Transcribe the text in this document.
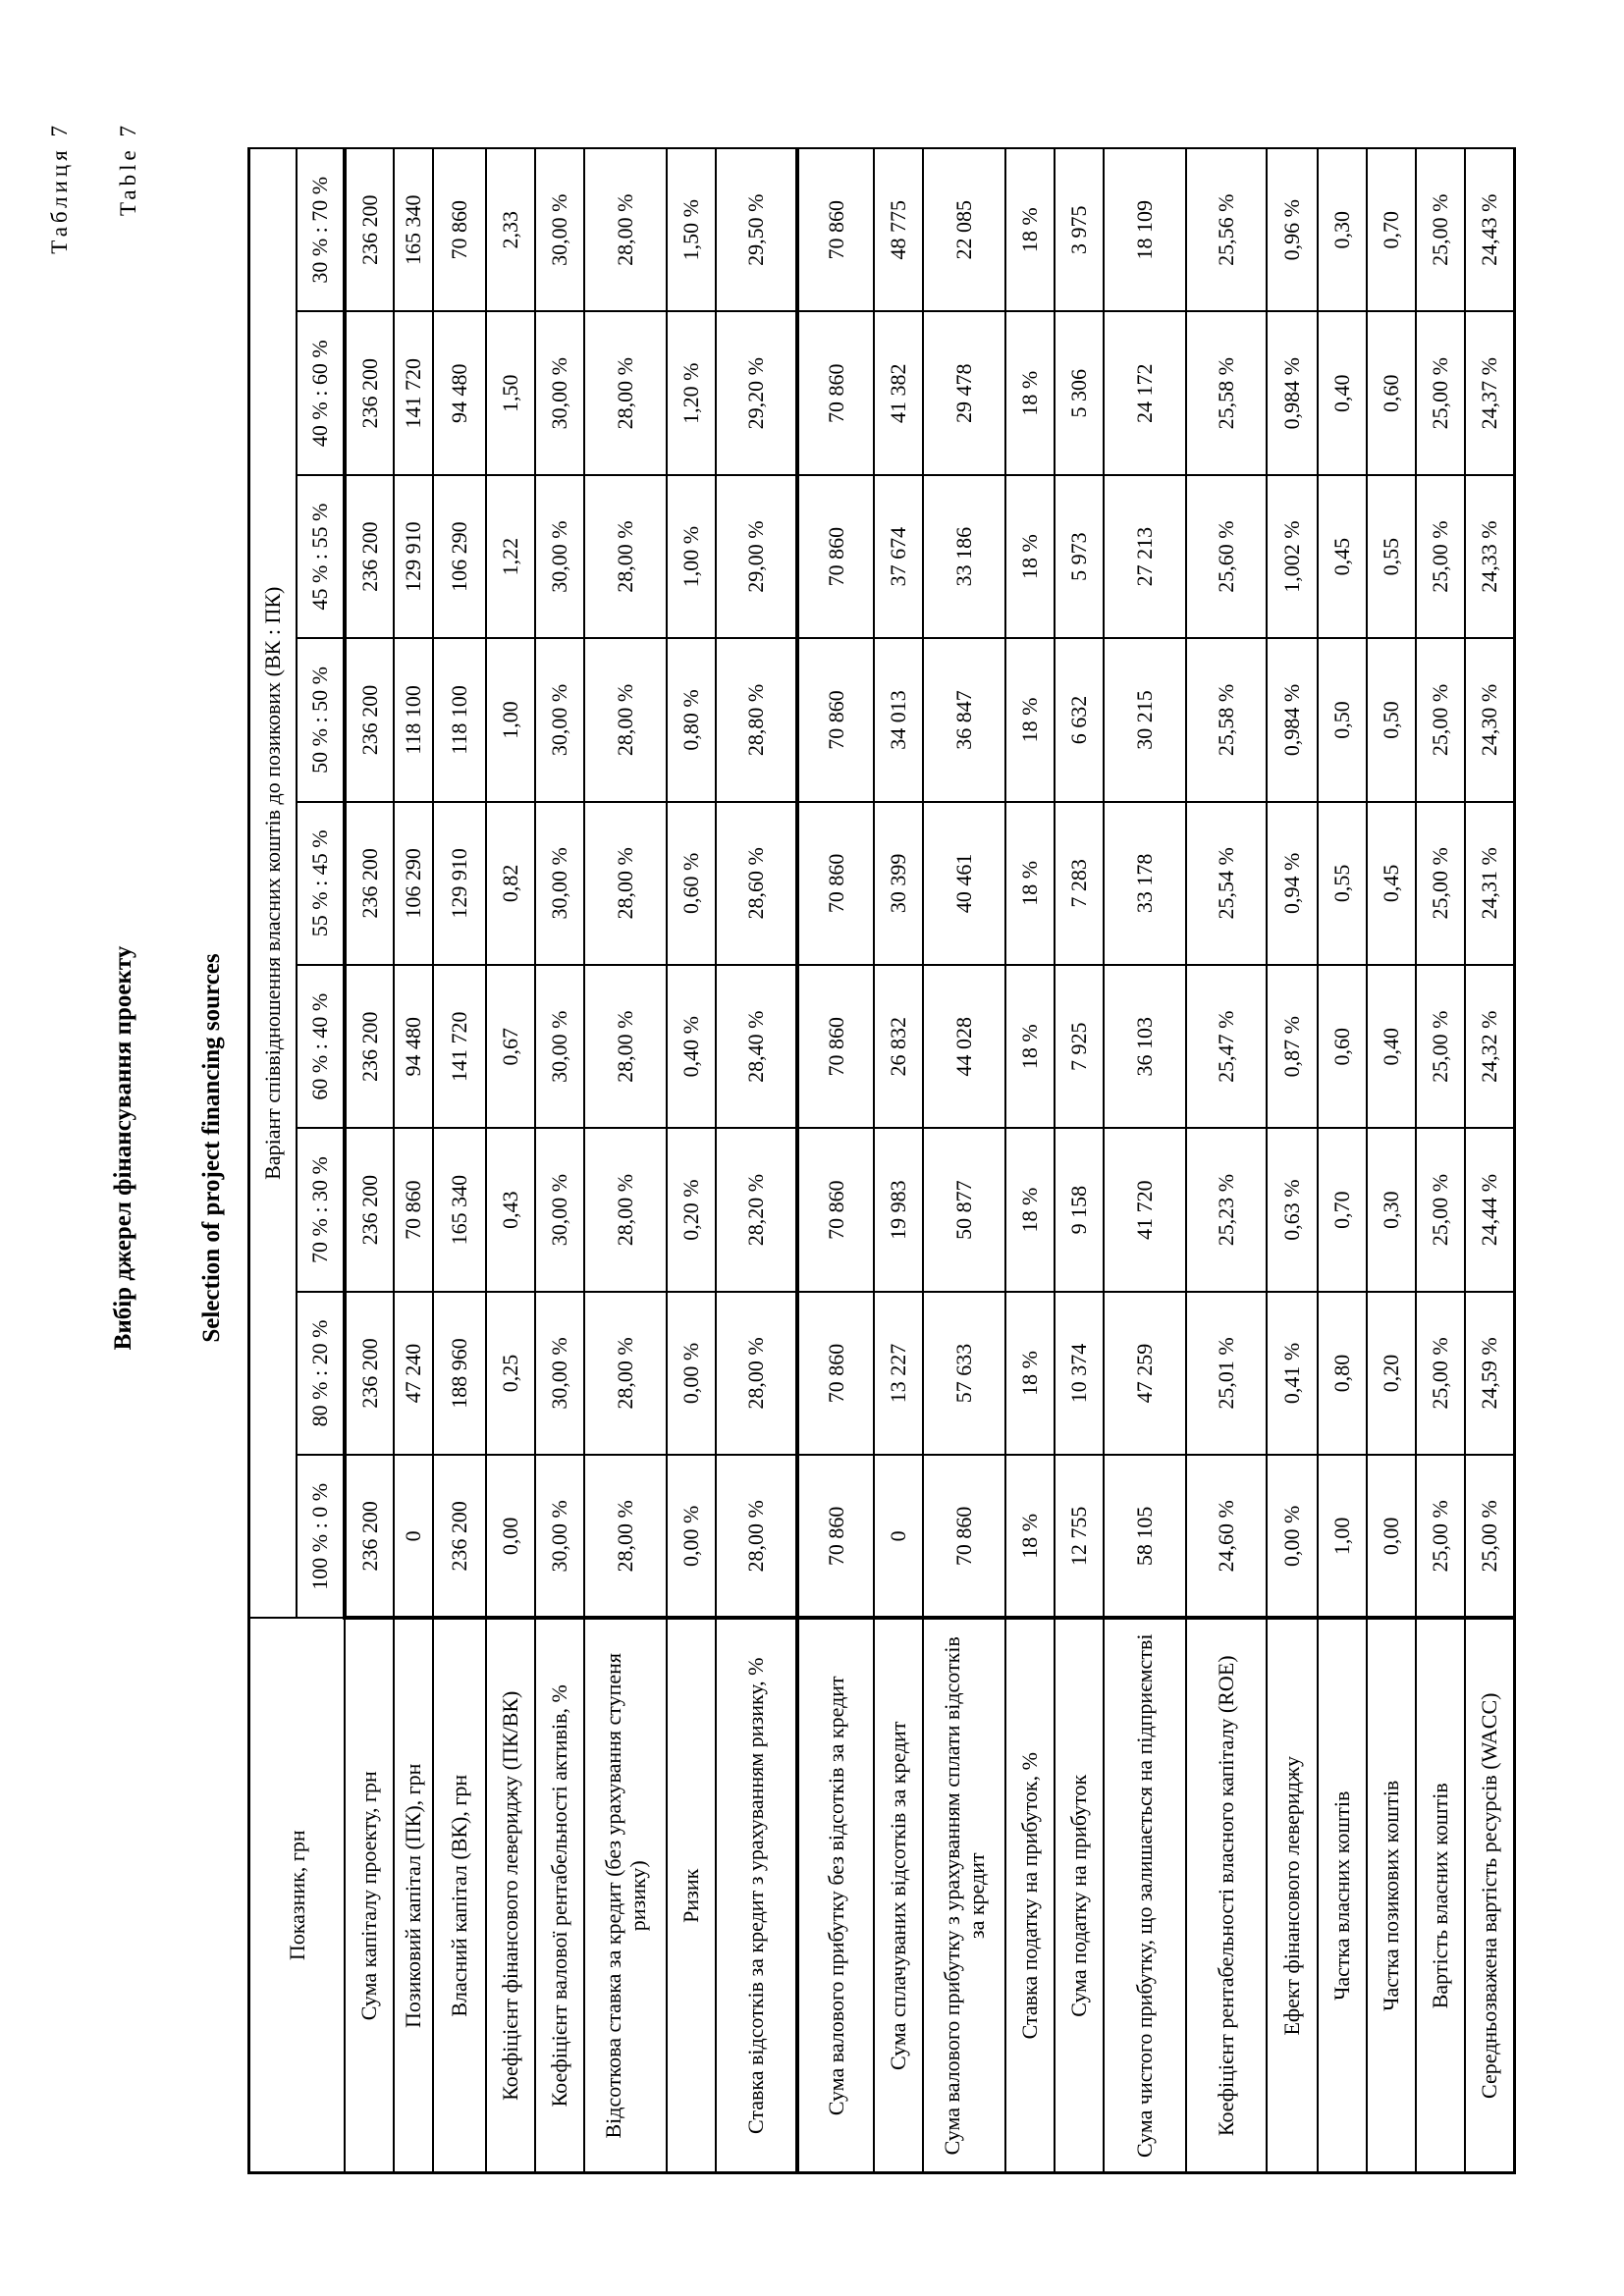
Таблиця 7 Table 7
Вибір джерел фінансування проекту	Selection of project financing sources
Показник, грн	Варіант співвідношення власних коштів до позикових (ВК : ПК)								
	100 % : 0 %	80 % : 20 %	70 % : 30 %	60 % : 40 %	55 % : 45 %	50 % : 50 %	45 % : 55 %	40 % : 60 %	30 % : 70 %
Сума капіталу проекту, грн	236 200	236 200	236 200	236 200	236 200	236 200	236 200	236 200	236 200
Позиковий капітал (ПК), грн	0	47 240	70 860	94 480	106 290	118 100	129 910	141 720	165 340
Власний капітал (ВК), грн	236 200	188 960	165 340	141 720	129 910	118 100	106 290	94 480	70 860
Коефіцієнт фінансового левериджу (ПК/ВК)	0,00	0,25	0,43	0,67	0,82	1,00	1,22	1,50	2,33
Коефіцієнт валової рентабельності активів, %	30,00 %	30,00 %	30,00 %	30,00 %	30,00 %	30,00 %	30,00 %	30,00 %	30,00 %
Відсоткова ставка за кредит (без урахування ступеня ризику)	28,00 %	28,00 %	28,00 %	28,00 %	28,00 %	28,00 %	28,00 %	28,00 %	28,00 %
Ризик	0,00 %	0,00 %	0,20 %	0,40 %	0,60 %	0,80 %	1,00 %	1,20 %	1,50 %
Ставка відсотків за кредит з урахуванням ризику, %	28,00 %	28,00 %	28,20 %	28,40 %	28,60 %	28,80 %	29,00 %	29,20 %	29,50 %
Сума валового прибутку без відсотків за кредит	70 860	70 860	70 860	70 860	70 860	70 860	70 860	70 860	70 860
Сума сплачуваних відсотків за кредит	0	13 227	19 983	26 832	30 399	34 013	37 674	41 382	48 775
Сума валового прибутку з урахуванням сплати відсотків за кредит	70 860	57 633	50 877	44 028	40 461	36 847	33 186	29 478	22 085
Ставка податку на прибуток, %	18 %	18 %	18 %	18 %	18 %	18 %	18 %	18 %	18 %
Сума податку на прибуток	12 755	10 374	9 158	7 925	7 283	6 632	5 973	5 306	3 975
Сума чистого прибутку, що залишається на підприємстві	58 105	47 259	41 720	36 103	33 178	30 215	27 213	24 172	18 109
Коефіцієнт рентабельності власного капіталу (ROE)	24,60 %	25,01 %	25,23 %	25,47 %	25,54 %	25,58 %	25,60 %	25,58 %	25,56 %
Ефект фінансового левериджу	0,00 %	0,41 %	0,63 %	0,87 %	0,94 %	0,984 %	1,002 %	0,984 %	0,96 %
Частка власних коштів	1,00	0,80	0,70	0,60	0,55	0,50	0,45	0,40	0,30
Частка позикових коштів	0,00	0,20	0,30	0,40	0,45	0,50	0,55	0,60	0,70
Вартість власних коштів	25,00 %	25,00 %	25,00 %	25,00 %	25,00 %	25,00 %	25,00 %	25,00 %	25,00 %
Середньозважена вартість ресурсів (WACC)	25,00 %	24,59 %	24,44 %	24,32 %	24,31 %	24,30 %	24,33 %	24,37 %	24,43 %
